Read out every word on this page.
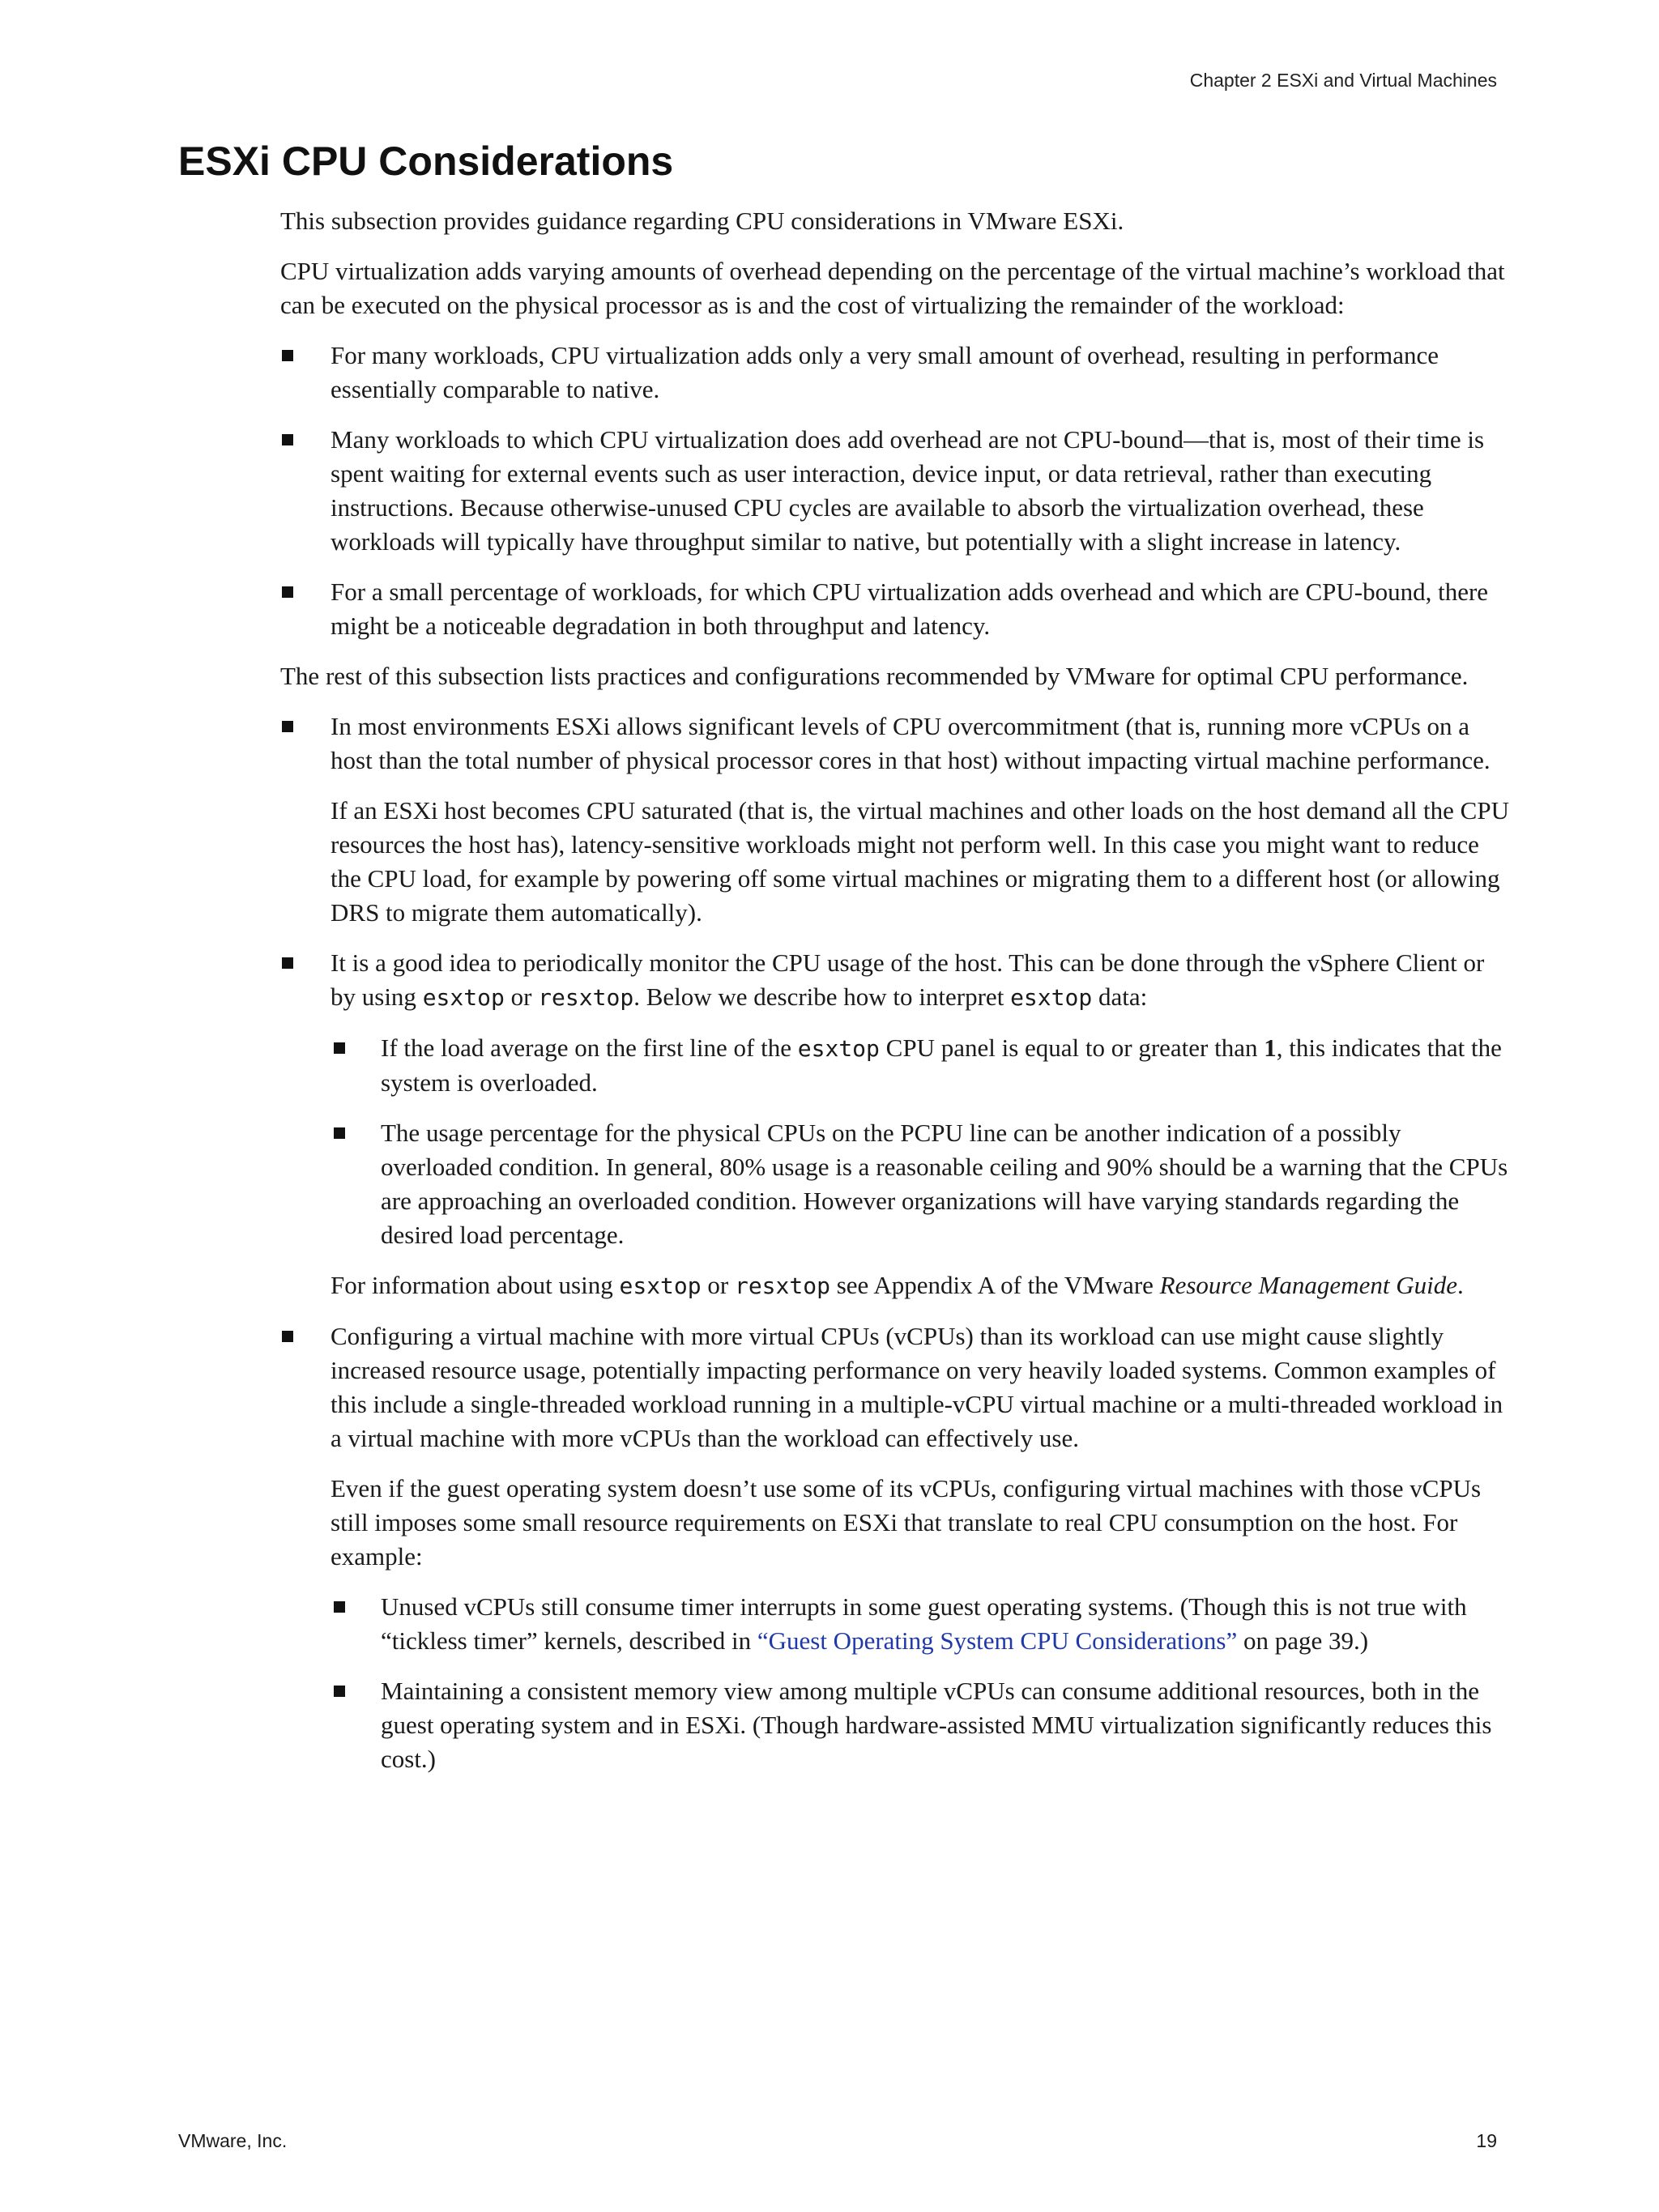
Chapter 2 ESXi and Virtual Machines
ESXi CPU Considerations

This subsection provides guidance regarding CPU considerations in VMware ESXi.

CPU virtualization adds varying amounts of overhead depending on the percentage of the virtual machine’s workload that can be executed on the physical processor as is and the cost of virtualizing the remainder of the workload:

For many workloads, CPU virtualization adds only a very small amount of overhead, resulting in performance essentially comparable to native.
Many workloads to which CPU virtualization does add overhead are not CPU-bound—that is, most of their time is spent waiting for external events such as user interaction, device input, or data retrieval, rather than executing instructions. Because otherwise-unused CPU cycles are available to absorb the virtualization overhead, these workloads will typically have throughput similar to native, but potentially with a slight increase in latency.
For a small percentage of workloads, for which CPU virtualization adds overhead and which are CPU-bound, there might be a noticeable degradation in both throughput and latency.

The rest of this subsection lists practices and configurations recommended by VMware for optimal CPU performance.

In most environments ESXi allows significant levels of CPU overcommitment (that is, running more vCPUs on a host than the total number of physical processor cores in that host) without impacting virtual machine performance.
If an ESXi host becomes CPU saturated (that is, the virtual machines and other loads on the host demand all the CPU resources the host has), latency-sensitive workloads might not perform well. In this case you might want to reduce the CPU load, for example by powering off some virtual machines or migrating them to a different host (or allowing DRS to migrate them automatically).
It is a good idea to periodically monitor the CPU usage of the host. This can be done through the vSphere Client or by using esxtop or resxtop. Below we describe how to interpret esxtop data:
If the load average on the first line of the esxtop CPU panel is equal to or greater than 1, this indicates that the system is overloaded.
The usage percentage for the physical CPUs on the PCPU line can be another indication of a possibly overloaded condition. In general, 80% usage is a reasonable ceiling and 90% should be a warning that the CPUs are approaching an overloaded condition. However organizations will have varying standards regarding the desired load percentage.
For information about using esxtop or resxtop see Appendix A of the VMware Resource Management Guide.
Configuring a virtual machine with more virtual CPUs (vCPUs) than its workload can use might cause slightly increased resource usage, potentially impacting performance on very heavily loaded systems. Common examples of this include a single-threaded workload running in a multiple-vCPU virtual machine or a multi-threaded workload in a virtual machine with more vCPUs than the workload can effectively use.
Even if the guest operating system doesn’t use some of its vCPUs, configuring virtual machines with those vCPUs still imposes some small resource requirements on ESXi that translate to real CPU consumption on the host. For example:
Unused vCPUs still consume timer interrupts in some guest operating systems. (Though this is not true with “tickless timer” kernels, described in “Guest Operating System CPU Considerations” on page 39.)
Maintaining a consistent memory view among multiple vCPUs can consume additional resources, both in the guest operating system and in ESXi. (Though hardware-assisted MMU virtualization significantly reduces this cost.)
VMware, Inc.	19
